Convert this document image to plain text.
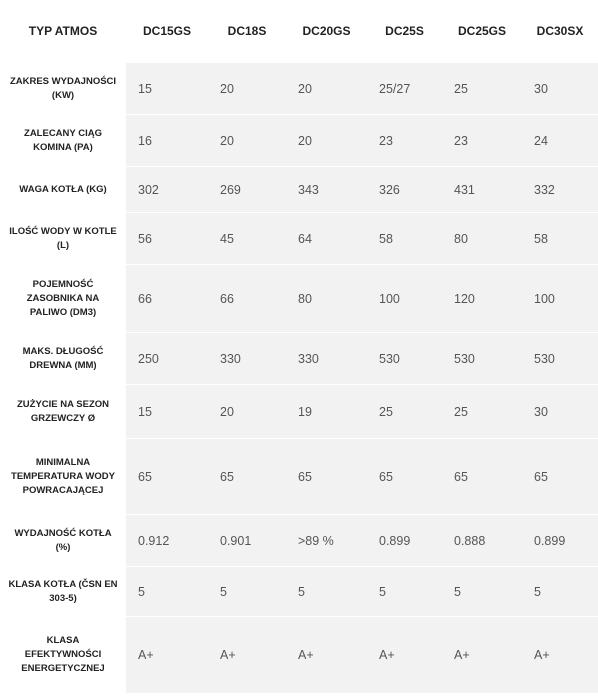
TYP ATMOS	DC15GS	DC18S	DC20GS	DC25S	DC25GS	DC30SX
ZAKRES WYDAJNOŚCI (KW)	15	20	20	25/27	25	30
ZALECANY CIĄG KOMINA (PA)	16	20	20	23	23	24
WAGA KOTŁA (KG)	302	269	343	326	431	332
ILOŚĆ WODY W KOTLE (L)	56	45	64	58	80	58
POJEMNOŚĆ ZASOBNIKA NA PALIWO (DM3)	66	66	80	100	120	100
MAKS. DŁUGOŚĆ DREWNA (MM)	250	330	330	530	530	530
ZUŻYCIE NA SEZON GRZEWCZY Ø	15	20	19	25	25	30
MINIMALNA TEMPERATURA WODY POWRACAJĄCEJ	65	65	65	65	65	65
WYDAJNOŚĆ KOTŁA (%)	0.912	0.901	>89 %	0.899	0.888	0.899
KLASA KOTŁA (ČSN EN 303-5)	5	5	5	5	5	5
KLASA EFEKTYWNOŚCI ENERGETYCZNEJ	A+	A+	A+	A+	A+	A+
